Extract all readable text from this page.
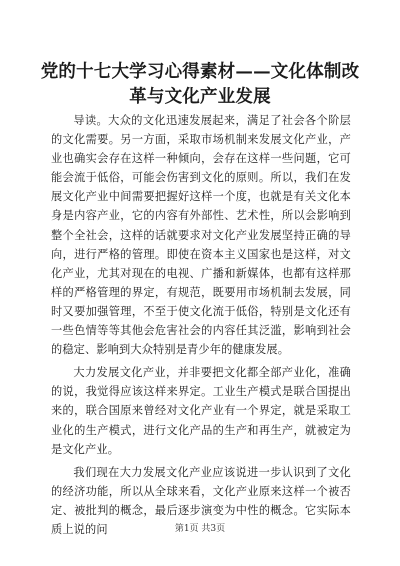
党的十七大学习心得素材——文化体制改革与文化产业发展

导读。大众的文化迅速发展起来，满足了社会各个阶层的文化需要。另一方面，采取市场机制来发展文化产业，产业也确实会存在这样一种倾向，会存在这样一些问题，它可能会流于低俗，可能会伤害到文化的原则。所以，我们在发展文化产业中间需要把握好这样一个度，也就是有关文化本身是内容产业，它的内容有外部性、艺术性，所以会影响到整个全社会，这样的话就要求对文化产业发展坚持正确的导向，进行严格的管理。即使在资本主义国家也是这样，对文化产业，尤其对现在的电视、广播和新媒体，也都有这样那样的严格管理的界定，有规范，既要用市场机制去发展，同时又要加强管理，不至于使文化流于低俗，特别是文化还有一些色情等等其他会危害社会的内容任其泛滥，影响到社会的稳定、影响到大众特别是青少年的健康发展。

大力发展文化产业，并非要把文化都全部产业化，准确的说，我觉得应该这样来界定。工业生产模式是联合国提出来的，联合国原来曾经对文化产业有一个界定，就是采取工业化的生产模式，进行文化产品的生产和再生产，就被定为是文化产业。

我们现在大力发展文化产业应该说进一步认识到了文化的经济功能，所以从全球来看，文化产业原来这样一个被否定、被批判的概念，最后逐步演变为中性的概念。它实际本质上说的问	第1页 共3页
